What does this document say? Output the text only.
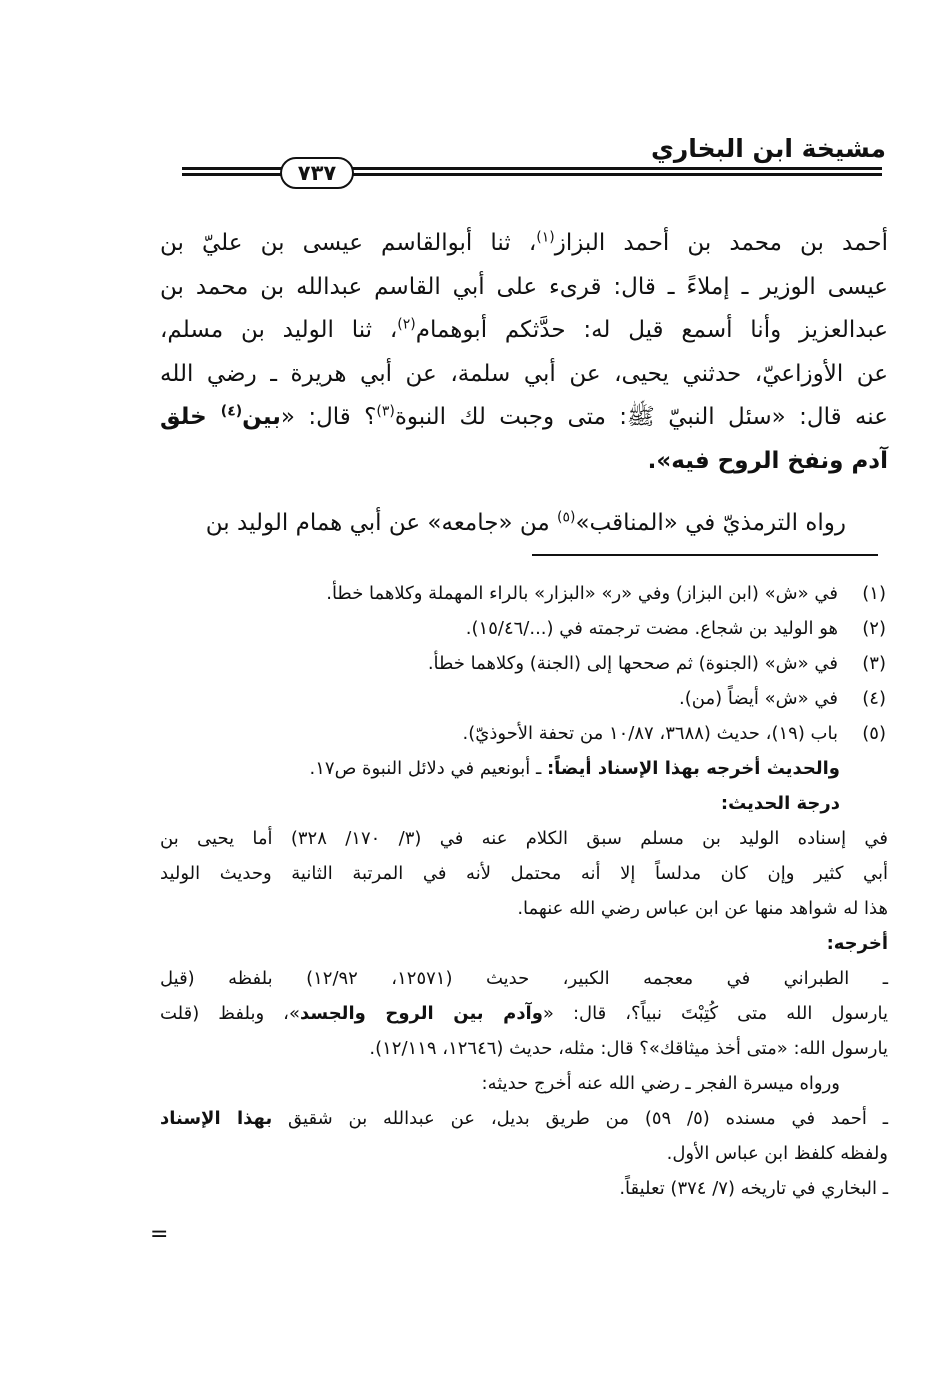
مشيخة ابن البخاري
٧٣٧
أحمد بن محمد بن أحمد البزاز$^{(١)}$، ثنا أبوالقاسم عيسى بن عليّ بن
عيسى الوزير ـ إملاءً ـ قال: قرىء على أبي القاسم عبدالله بن محمد بن
عبدالعزيز وأنا أسمع قيل له: حدَّثكم أبوهمام$^{(٢)}$، ثنا الوليد بن مسلم،
عن الأوزاعيّ، حدثني يحيى، عن أبي سلمة، عن أبي هريرة ـ رضي الله
عنه قال: «سئل النبيّ ﷺ: متى وجبت لك النبوة$^{(٣)}$؟ قال: «بين$^{(٤)}$ خلق
آدم ونفخ الروح فيه».
رواه الترمذيّ في «المناقب»$^{(٥)}$ من «جامعه» عن أبي همام الوليد بن
(١)
في «ش» (ابن البزاز) وفي «ر» «البزار» بالراء المهملة وكلاهما خطأ.
(٢)
هو الوليد بن شجاع. مضت ترجمته في (.../١٥/٤٦).
(٣)
في «ش» (الجنوة) ثم صححها إلى (الجنة) وكلاهما خطأ.
(٤)
في «ش» أيضاً (من).
(٥)
باب (١٩)، حديث (٣٦٨٨، ١٠/٨٧ من تحفة الأحوذيّ).
والحديث أخرجه بهذا الإسناد أيضاً: ـ أبونعيم في دلائل النبوة ص١٧.
درجة الحديث:
في إسناده الوليد بن مسلم سبق الكلام عنه في (٣/ ١٧٠/ ٣٢٨) أما يحيى بن
أبي كثير وإن كان مدلساً إلا أنه محتمل لأنه في المرتبة الثانية وحديث الوليد
هذا له شواهد منها عن ابن عباس رضي الله عنهما.
أخرجه:
ـ الطبراني في معجمه الكبير، حديث (١٢٥٧١، ١٢/٩٢) بلفظه (قيل
يارسول الله متى كُتِبْتَ نبياً؟، قال: «وآدم بين الروح والجسد»، وبلفظ (قلت
يارسول الله: «متى أخذ ميثاقك»؟ قال: مثله، حديث (١٢٦٤٦، ١٢/١١٩).
ورواه ميسرة الفجر ـ رضي الله عنه أخرج حديثه:
ـ أحمد في مسنده (٥/ ٥٩) من طريق بديل، عن عبدالله بن شقيق بهذا الإسناد
ولفظه كلفظ ابن عباس الأول.
ـ البخاري في تاريخه (٧/ ٣٧٤) تعليقاً.
=
